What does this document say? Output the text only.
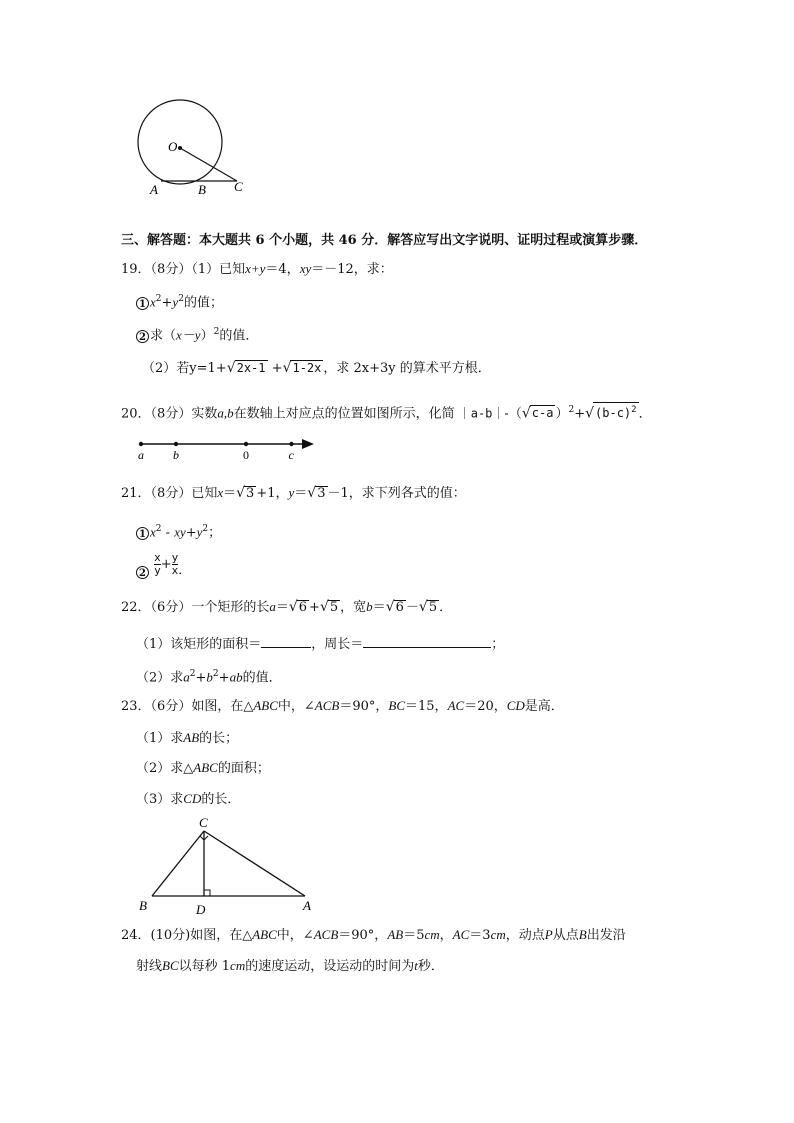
O
A	B C
三、解答题：本大题共 6 个小题，共 46 分．解答应写出文字说明、证明过程或演算步骤．
19．（8分）（1）已知x+y＝4，xy＝－12，求：
1 $x^2+y^2$的值；
2 求$(x-y)^2$的值．
（2）若y=1+√2x-1 +√1-2x ，求 2x+3y 的算术平方根．
20．（8分）实数a,b在数轴上对应点的位置如图所示，化简 ｜a-b｜-（√c-a ）$^2+√(b-c)^2$ ．
a b	0	c
21．（8分）已知x＝√3 +1，y＝√3 －1，求下列各式的值：
1 $x^2 - xy+y^2$；
$2 \frac{x}{y} + \frac{y}{x}$ ．
22．（6分）一个矩形的长a＝√6 +√5 ，宽b＝√6 －√5 ．
（1）该矩形的面积＝	，周长＝	；
（2）求$a^2+b^2+ab$的值．
23．（6分）如图，在△ABC中，∠ACB＝90°，BC＝15，AC＝20，CD是高．
（1）求AB的长；
（2）求△ABC的面积；
（3）求CD的长．
C
B	D	A
24．(10分)如图，在△ABC中，∠ACB＝90°，AB＝5cm，AC＝3cm，动点P从点B出发沿
射线BC以每秒 1cm的速度运动，设运动的时间为t秒．
